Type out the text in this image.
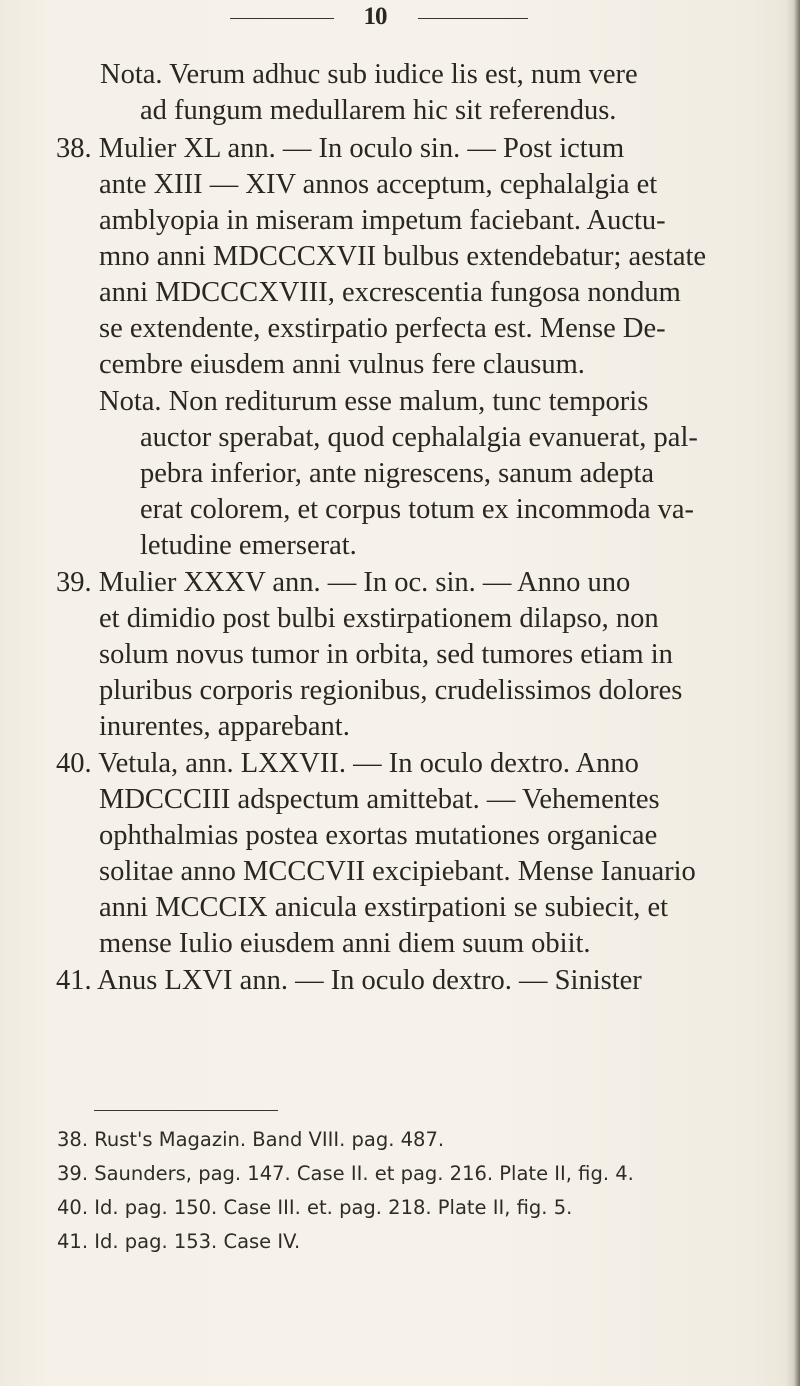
10
Nota. Verum adhuc sub iudice lis est, num vere
ad fungum medullarem hic sit referendus.
38. Mulier XL ann. — In oculo sin. — Post ictum
ante XIII — XIV annos acceptum, cephalalgia et
amblyopia in miseram impetum faciebant. Auctu-
mno anni MDCCCXVII bulbus extendebatur; aestate
anni MDCCCXVIII, excrescentia fungosa nondum
se extendente, exstirpatio perfecta est. Mense De-
cembre eiusdem anni vulnus fere clausum.
Nota. Non rediturum esse malum, tunc temporis
auctor sperabat, quod cephalalgia evanuerat, pal-
pebra inferior, ante nigrescens, sanum adepta
erat colorem, et corpus totum ex incommoda va-
letudine emerserat.
39. Mulier XXXV ann. — In oc. sin. — Anno uno
et dimidio post bulbi exstirpationem dilapso, non
solum novus tumor in orbita, sed tumores etiam in
pluribus corporis regionibus, crudelissimos dolores
inurentes, apparebant.
40. Vetula, ann. LXXVII. — In oculo dextro. Anno
MDCCCIII adspectum amittebat. — Vehementes
ophthalmias postea exortas mutationes organicae
solitae anno MCCCVII excipiebant. Mense Ianuario
anni MCCCIX anicula exstirpationi se subiecit, et
mense Iulio eiusdem anni diem suum obiit.
41. Anus LXVI ann. — In oculo dextro. — Sinister
38. Rust's Magazin. Band VIII. pag. 487.
39. Saunders, pag. 147. Case II. et pag. 216. Plate II, fig. 4.
40. Id. pag. 150. Case III. et. pag. 218. Plate II, fig. 5.
41. Id. pag. 153. Case IV.
